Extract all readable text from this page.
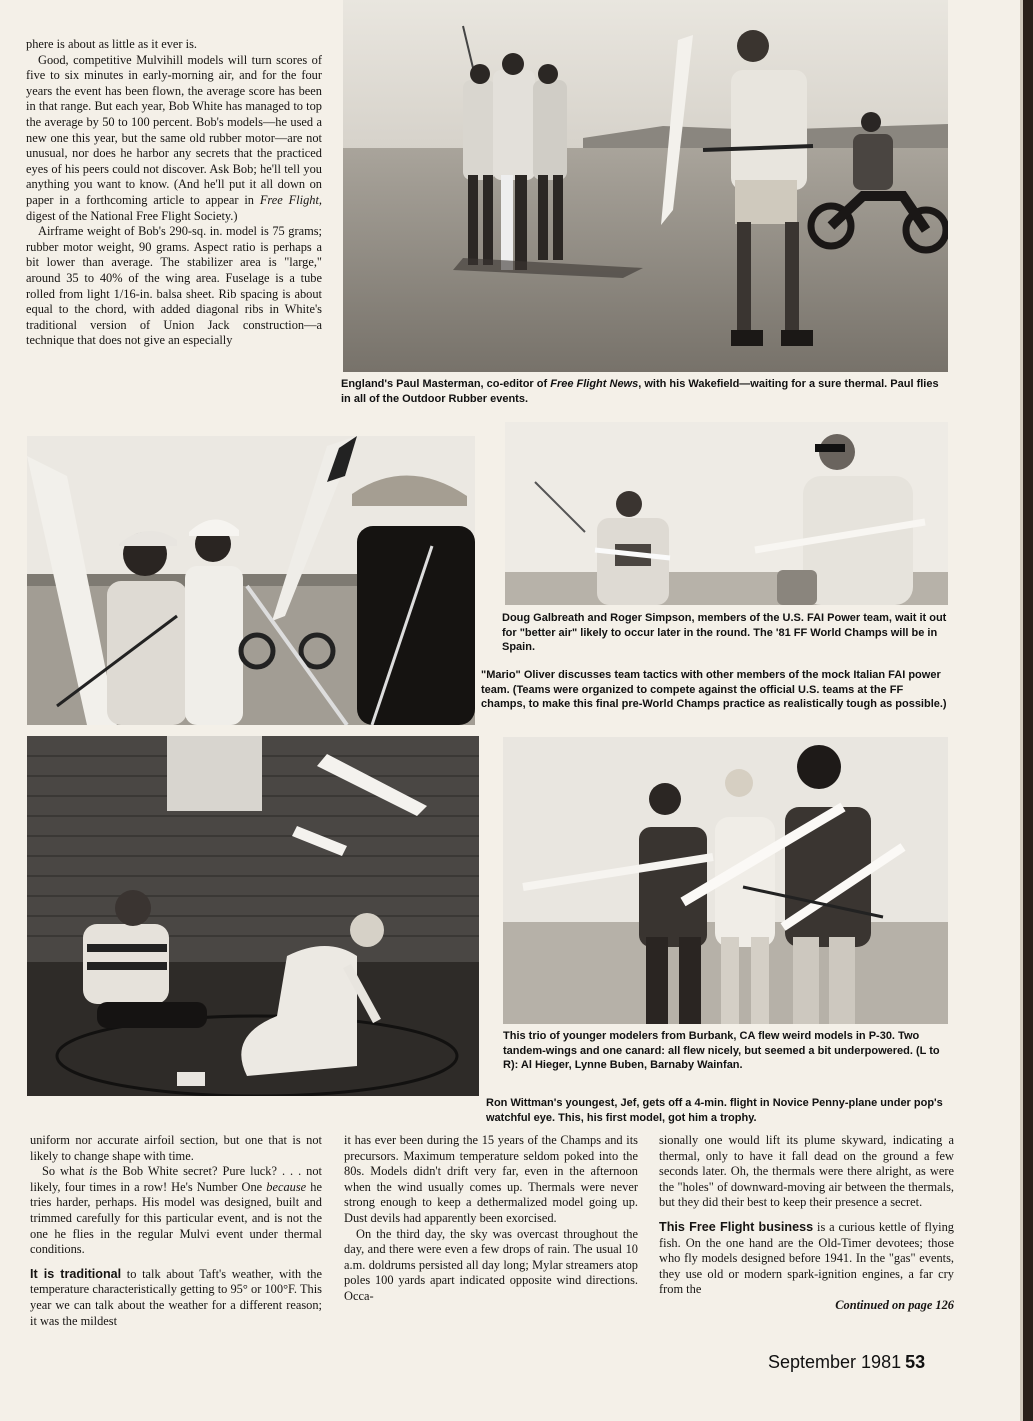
phere is about as little as it ever is.

Good, competitive Mulvihill models will turn scores of five to six minutes in early-morning air, and for the four years the event has been flown, the average score has been in that range. But each year, Bob White has managed to top the average by 50 to 100 percent. Bob's models—he used a new one this year, but the same old rubber motor—are not unusual, nor does he harbor any secrets that the practiced eyes of his peers could not discover. Ask Bob; he'll tell you anything you want to know. (And he'll put it all down on paper in a forthcoming article to appear in Free Flight, digest of the National Free Flight Society.)

Airframe weight of Bob's 290-sq. in. model is 75 grams; rubber motor weight, 90 grams. Aspect ratio is perhaps a bit lower than average. The stabilizer area is "large," around 35 to 40% of the wing area. Fuselage is a tube rolled from light 1/16-in. balsa sheet. Rib spacing is about equal to the chord, with added diagonal ribs in White's traditional version of Union Jack construction—a technique that does not give an especially

England's Paul Masterman, co-editor of Free Flight News, with his Wakefield—waiting for a sure thermal. Paul flies in all of the Outdoor Rubber events.
Doug Galbreath and Roger Simpson, members of the U.S. FAI Power team, wait it out for "better air" likely to occur later in the round. The '81 FF World Champs will be in Spain.
"Mario" Oliver discusses team tactics with other members of the mock Italian FAI power team. (Teams were organized to compete against the official U.S. teams at the FF champs, to make this final pre-World Champs practice as realistically tough as possible.)
This trio of younger modelers from Burbank, CA flew weird models in P-30. Two tandem-wings and one canard: all flew nicely, but seemed a bit underpowered. (L to R): Al Hieger, Lynne Buben, Barnaby Wainfan.
Ron Wittman's youngest, Jef, gets off a 4-min. flight in Novice Penny-plane under pop's watchful eye. This, his first model, got him a trophy.

uniform nor accurate airfoil section, but one that is not likely to change shape with time.

So what is the Bob White secret? Pure luck? . . . not likely, four times in a row! He's Number One because he tries harder, perhaps. His model was designed, built and trimmed carefully for this particular event, and is not the one he flies in the regular Mulvi event under thermal conditions.

It is traditional to talk about Taft's weather, with the temperature characteristically getting to 95° or 100°F. This year we can talk about the weather for a different reason; it was the mildest

it has ever been during the 15 years of the Champs and its precursors. Maximum temperature seldom poked into the 80s. Models didn't drift very far, even in the afternoon when the wind usually comes up. Thermals were never strong enough to keep a dethermalized model going up. Dust devils had apparently been exorcised.

On the third day, the sky was overcast throughout the day, and there were even a few drops of rain. The usual 10 a.m. doldrums persisted all day long; Mylar streamers atop poles 100 yards apart indicated opposite wind directions. Occa-

sionally one would lift its plume skyward, indicating a thermal, only to have it fall dead on the ground a few seconds later. Oh, the thermals were there alright, as were the "holes" of downward-moving air between the thermals, but they did their best to keep their presence a secret.

This Free Flight business is a curious kettle of flying fish. On the one hand are the Old-Timer devotees; those who fly models designed before 1941. In the "gas" events, they use old or modern spark-ignition engines, a far cry from the

Continued on page 126

September 1981 53
